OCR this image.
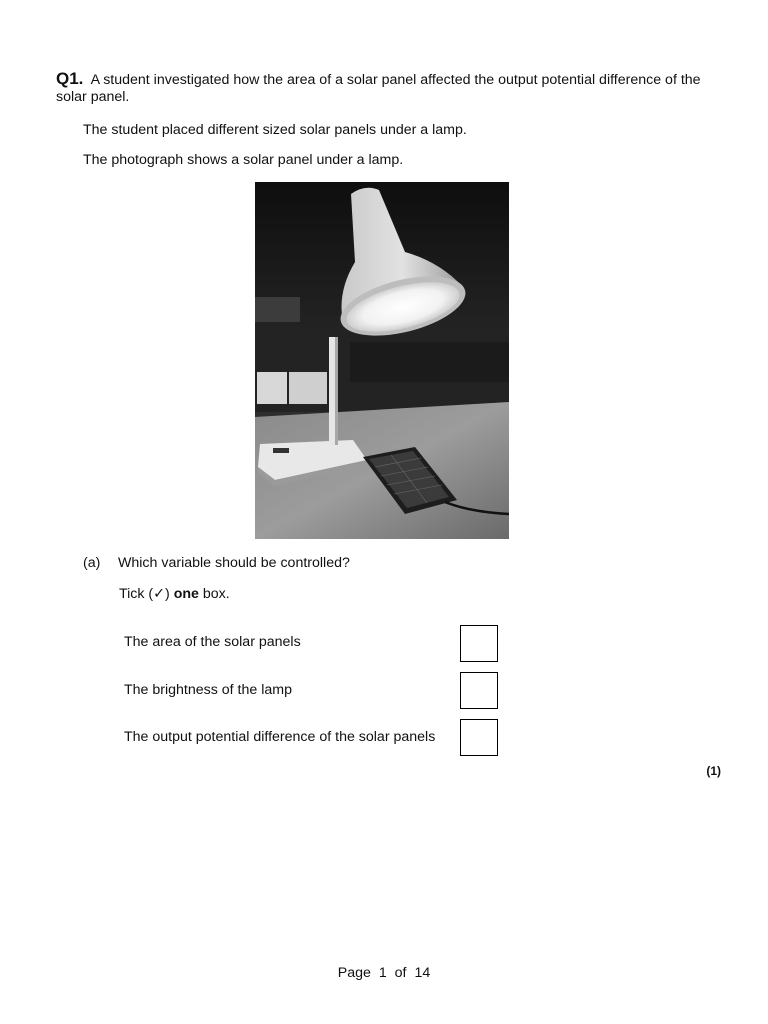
Q1. A student investigated how the area of a solar panel affected the output potential difference of the solar panel.
The student placed different sized solar panels under a lamp.
The photograph shows a solar panel under a lamp.
(a) Which variable should be controlled?
Tick (✓) one box.
The area of the solar panels
The brightness of the lamp
The output potential difference of the solar panels
(1)
Page 1 of 14
